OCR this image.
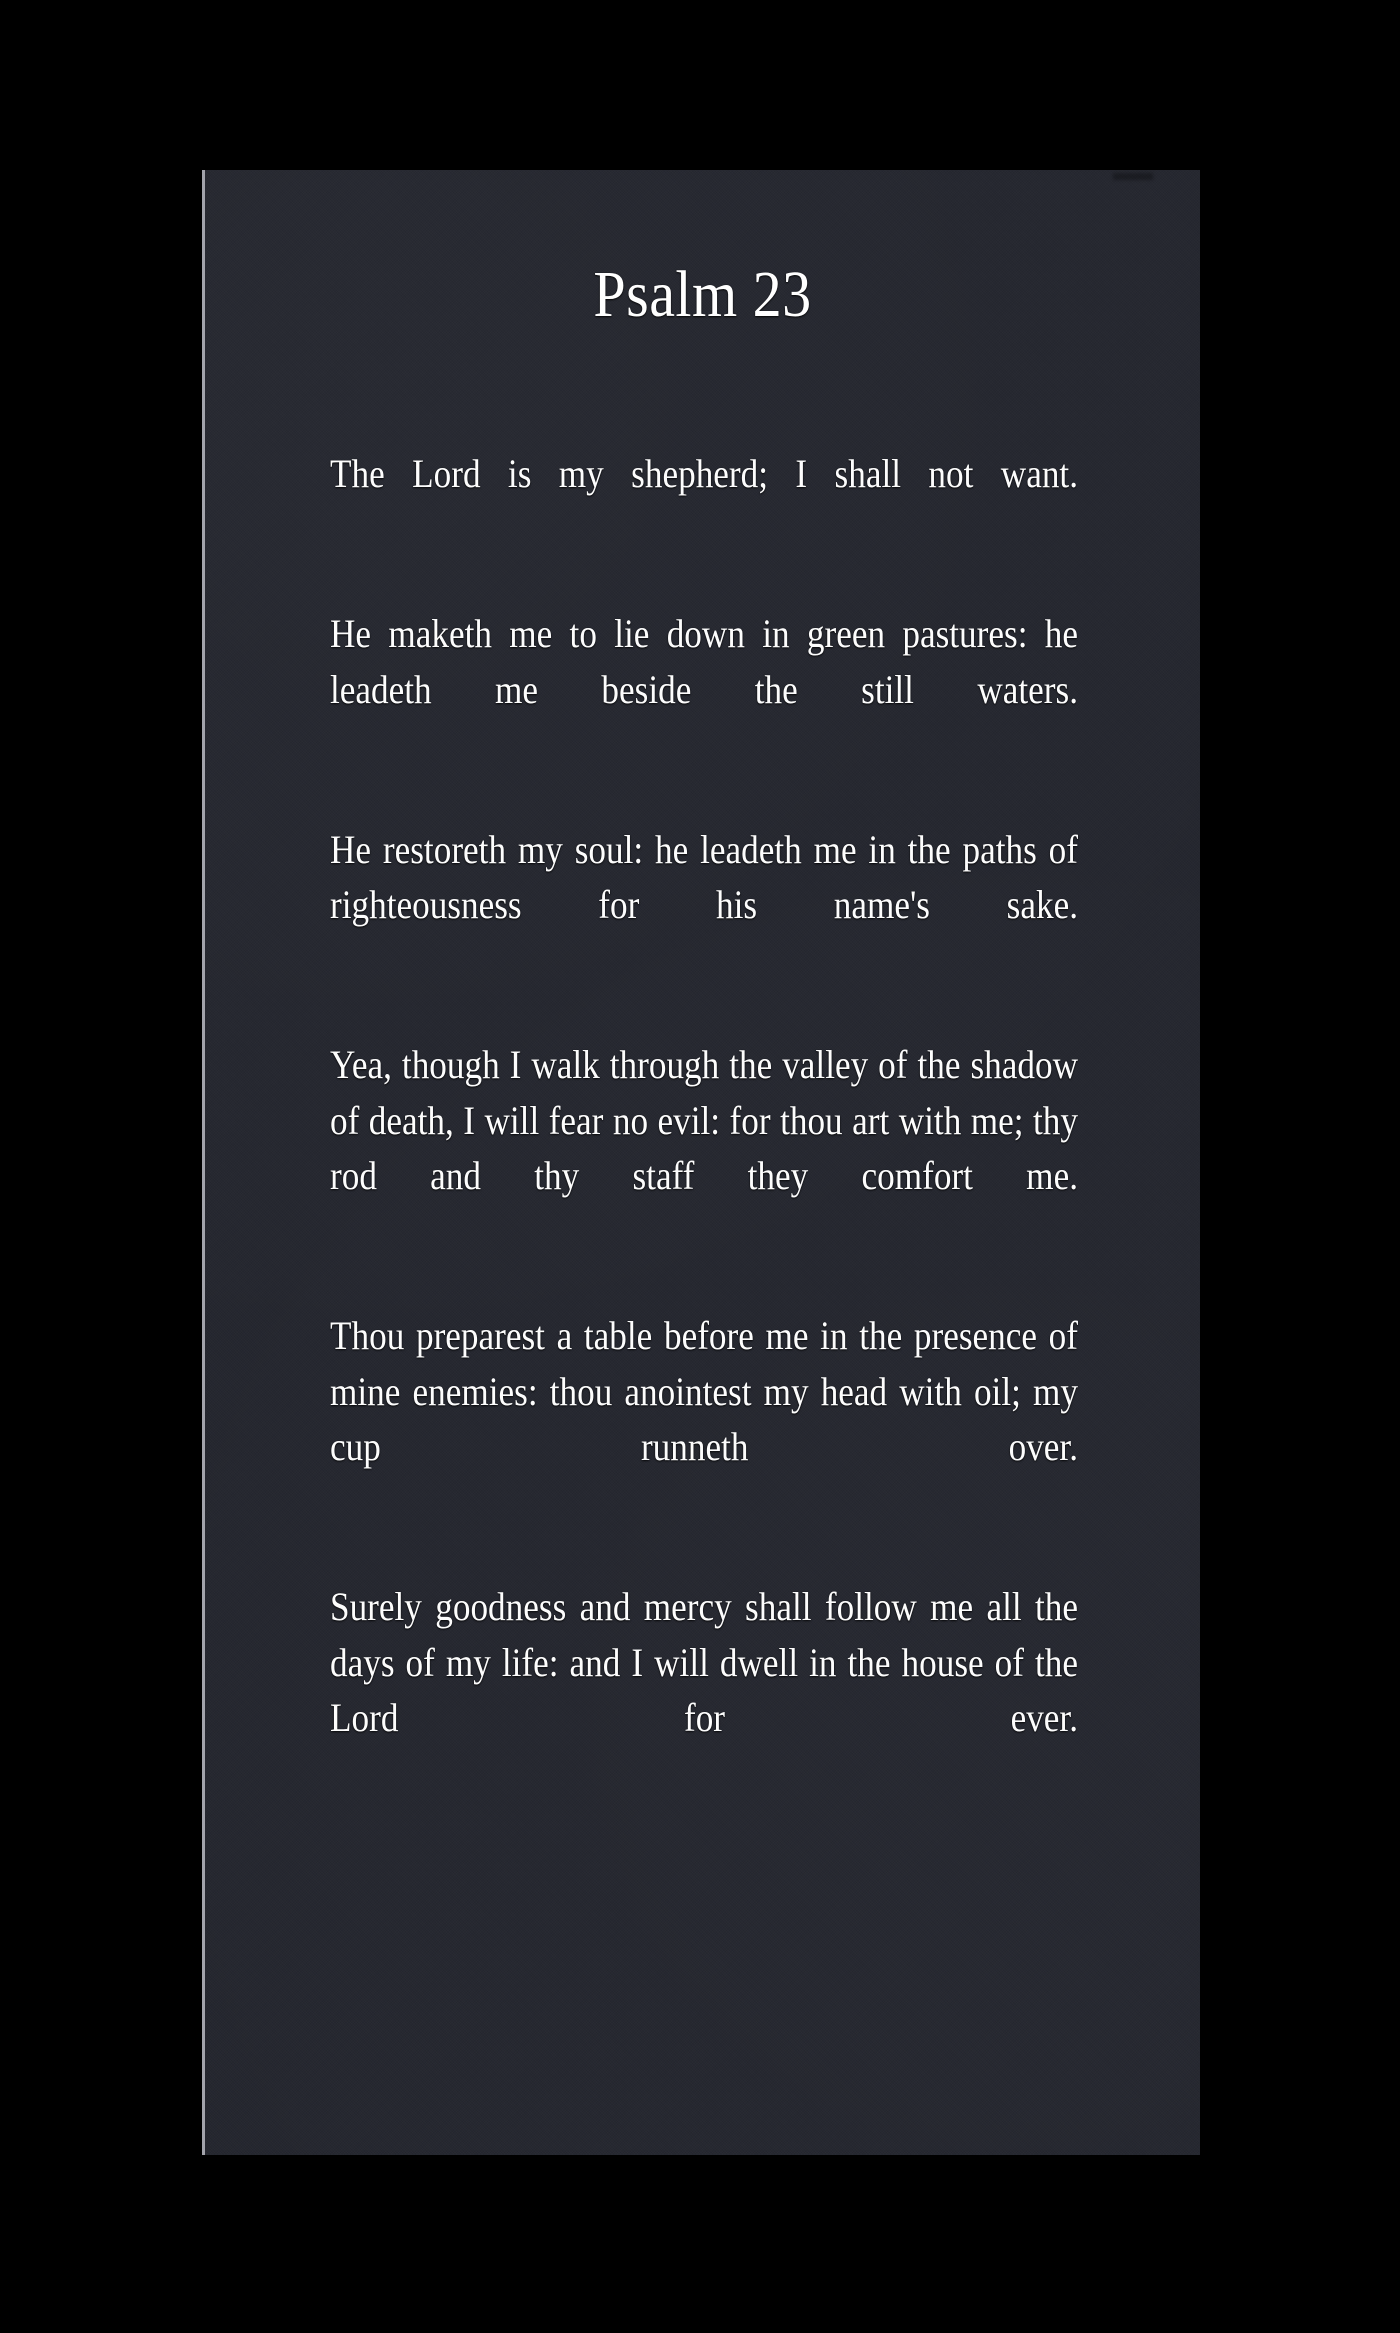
Psalm 23

The Lord is my shepherd; I shall not want.

He maketh me to lie down in green pastures: he leadeth me beside the still waters.

He restoreth my soul: he leadeth me in the paths of righteousness for his name's sake.

Yea, though I walk through the valley of the shadow of death, I will fear no evil: for thou art with me; thy rod and thy staff they comfort me.

Thou preparest a table before me in the presence of mine enemies: thou anointest my head with oil; my cup runneth over.

Surely goodness and mercy shall follow me all the days of my life: and I will dwell in the house of the Lord for ever.
